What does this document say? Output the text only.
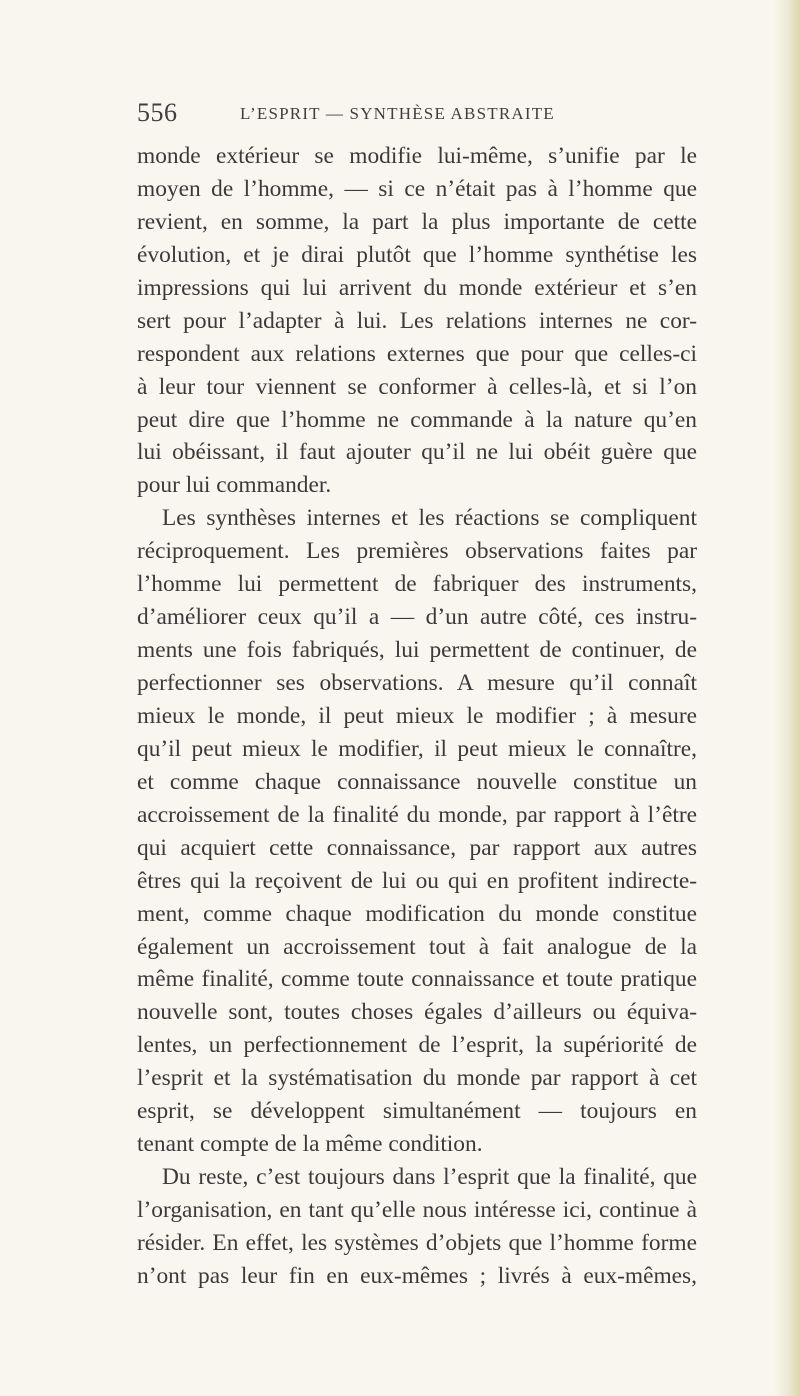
556	L’ESPRIT — SYNTHÈSE ABSTRAITE
monde extérieur se modifie lui-même, s’unifie par le
moyen de l’homme, — si ce n’était pas à l’homme que
revient, en somme, la part la plus importante de cette
évolution, et je dirai plutôt que l’homme synthétise les
impressions qui lui arrivent du monde extérieur et s’en
sert pour l’adapter à lui. Les relations internes ne cor-
respondent aux relations externes que pour que celles-ci
à leur tour viennent se conformer à celles-là, et si l’on
peut dire que l’homme ne commande à la nature qu’en
lui obéissant, il faut ajouter qu’il ne lui obéit guère que
pour lui commander.
Les synthèses internes et les réactions se compliquent
réciproquement. Les premières observations faites par
l’homme lui permettent de fabriquer des instruments,
d’améliorer ceux qu’il a — d’un autre côté, ces instru-
ments une fois fabriqués, lui permettent de continuer, de
perfectionner ses observations. A mesure qu’il connaît
mieux le monde, il peut mieux le modifier ; à mesure
qu’il peut mieux le modifier, il peut mieux le connaître,
et comme chaque connaissance nouvelle constitue un
accroissement de la finalité du monde, par rapport à l’être
qui acquiert cette connaissance, par rapport aux autres
êtres qui la reçoivent de lui ou qui en profitent indirecte-
ment, comme chaque modification du monde constitue
également un accroissement tout à fait analogue de la
même finalité, comme toute connaissance et toute pratique
nouvelle sont, toutes choses égales d’ailleurs ou équiva-
lentes, un perfectionnement de l’esprit, la supériorité de
l’esprit et la systématisation du monde par rapport à cet
esprit, se développent simultanément — toujours en
tenant compte de la même condition.
Du reste, c’est toujours dans l’esprit que la finalité, que
l’organisation, en tant qu’elle nous intéresse ici, continue à
résider. En effet, les systèmes d’objets que l’homme forme
n’ont pas leur fin en eux-mêmes ; livrés à eux-mêmes,
